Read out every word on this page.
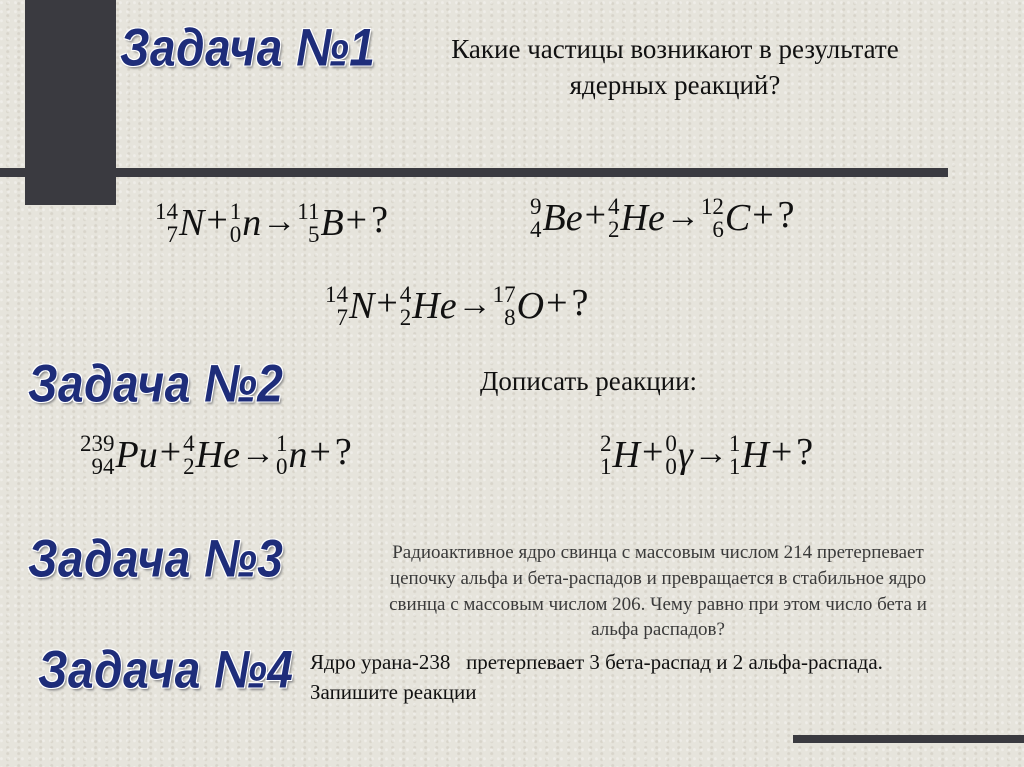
Задача №1	Какие частицы возникают в результате
ядерных реакций?
14
7 N + 1
0 n → 11
5 B + ?	9
4 Be + 4
2 He → 12
6 C + ?
14
7 N + 4
2 He → 17
8 O + ?
Задача №2	Дописать реакции:
239
94 Pu + 4
2 He → 1
0 n + ?	2
1 H + 0
0 γ → 1
1 H + ?
Задача №3	Радиоактивное ядро свинца с массовым числом 214 претерпевает
цепочку альфа и бета-распадов и превращается в стабильное ядро
свинца с массовым числом 206. Чему равно при этом число бета и
альфа распадов?
Задача №4 Ядро урана-238   претерпевает 3 бета-распад и 2 альфа-распада.
Запишите реакции
